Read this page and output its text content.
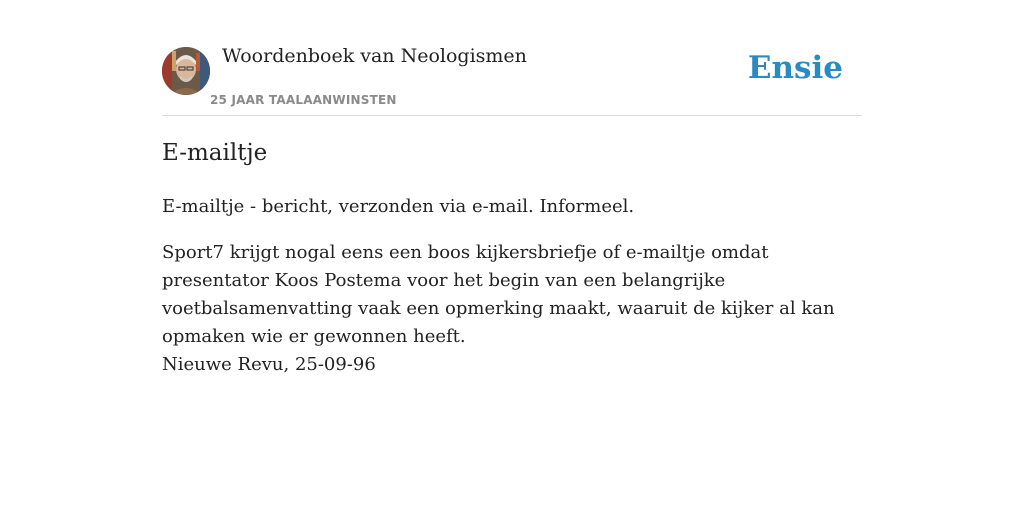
Woordenboek van Neologismen
25 JAAR TAALAANWINSTEN
Ensie
E-mailtje

E-mailtje - bericht, verzonden via e-mail. Informeel.

Sport7 krijgt nogal eens een boos kijkersbriefje of e-mailtje omdat presentator Koos Postema voor het begin van een belangrijke voetbalsamenvatting vaak een opmerking maakt, waaruit de kijker al kan opmaken wie er gewonnen heeft.
Nieuwe Revu, 25-09-96
